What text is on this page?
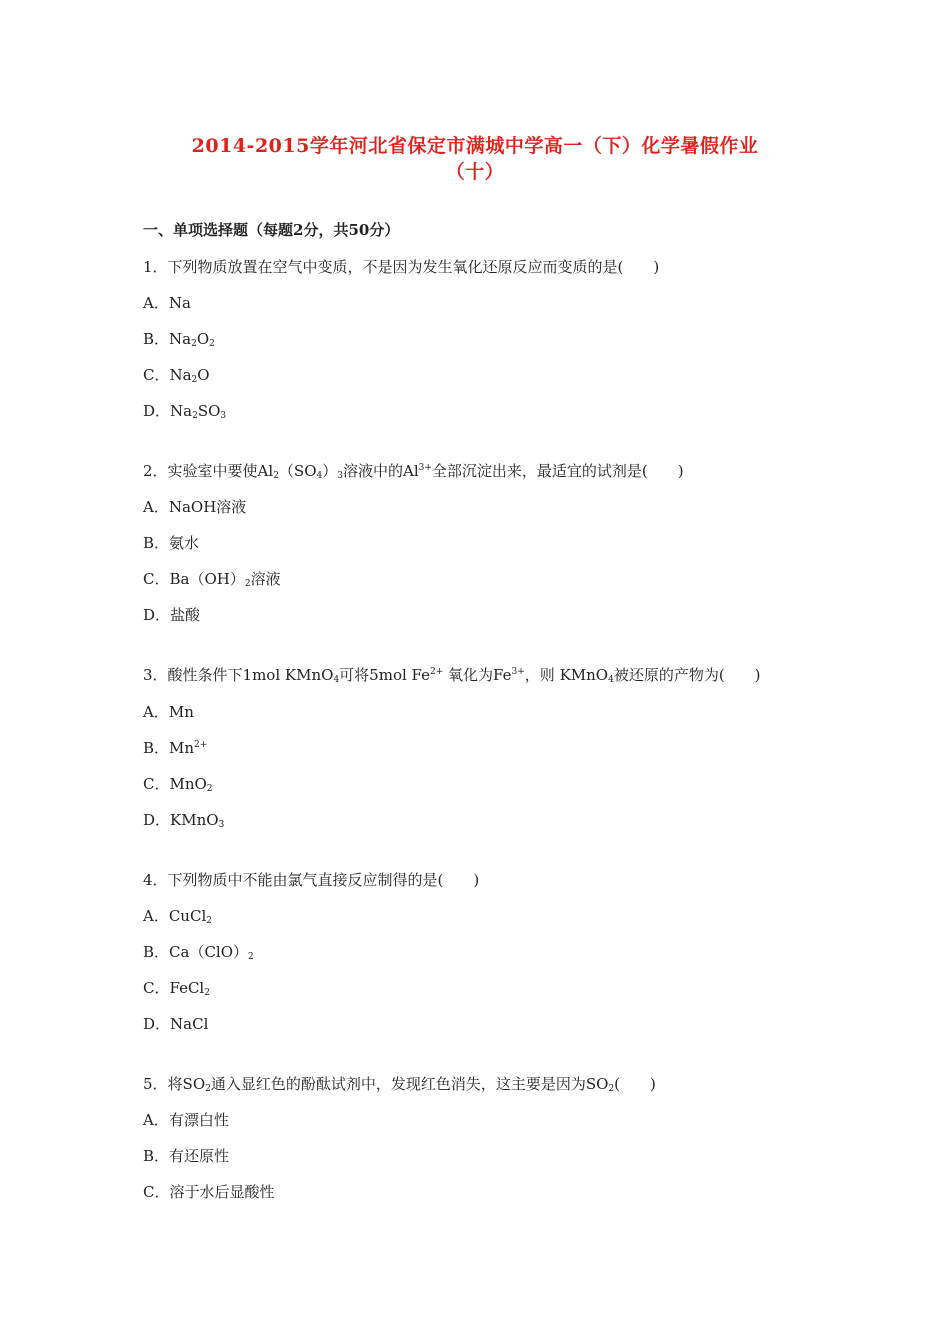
2014-2015学年河北省保定市满城中学高一（下）化学暑假作业
（十）
一、单项选择题（每题2分，共50分）
1．下列物质放置在空气中变质，不是因为发生氧化还原反应而变质的是(　　)
A．Na
B．$Na_2O_2$
C．$Na_2O$
D．$Na_2SO_3$
2．实验室中要使$Al_2(SO_4)_3$溶液中的$Al^{3+}$全部沉淀出来，最适宜的试剂是(　　)
A．NaOH溶液
B．氨水
C．$Ba(OH)_2$溶液
D．盐酸
3．酸性条件下1mol KMnO$_4$可将5mol $Fe^{2+}$ 氧化为$Fe^{3+}$，则 KMnO$_4$被还原的产物为(　　)
A．Mn
B．$Mn^{2+}$
C．MnO$_2$
D．KMnO$_3$
4．下列物质中不能由氯气直接反应制得的是(　　)
A．CuCl$_2$
B．$Ca(ClO)_2$
C．FeCl$_2$
D．NaCl
5．将$SO_2$通入显红色的酚酞试剂中，发现红色消失，这主要是因为$SO_2$(　　)
A．有漂白性
B．有还原性
C．溶于水后显酸性
